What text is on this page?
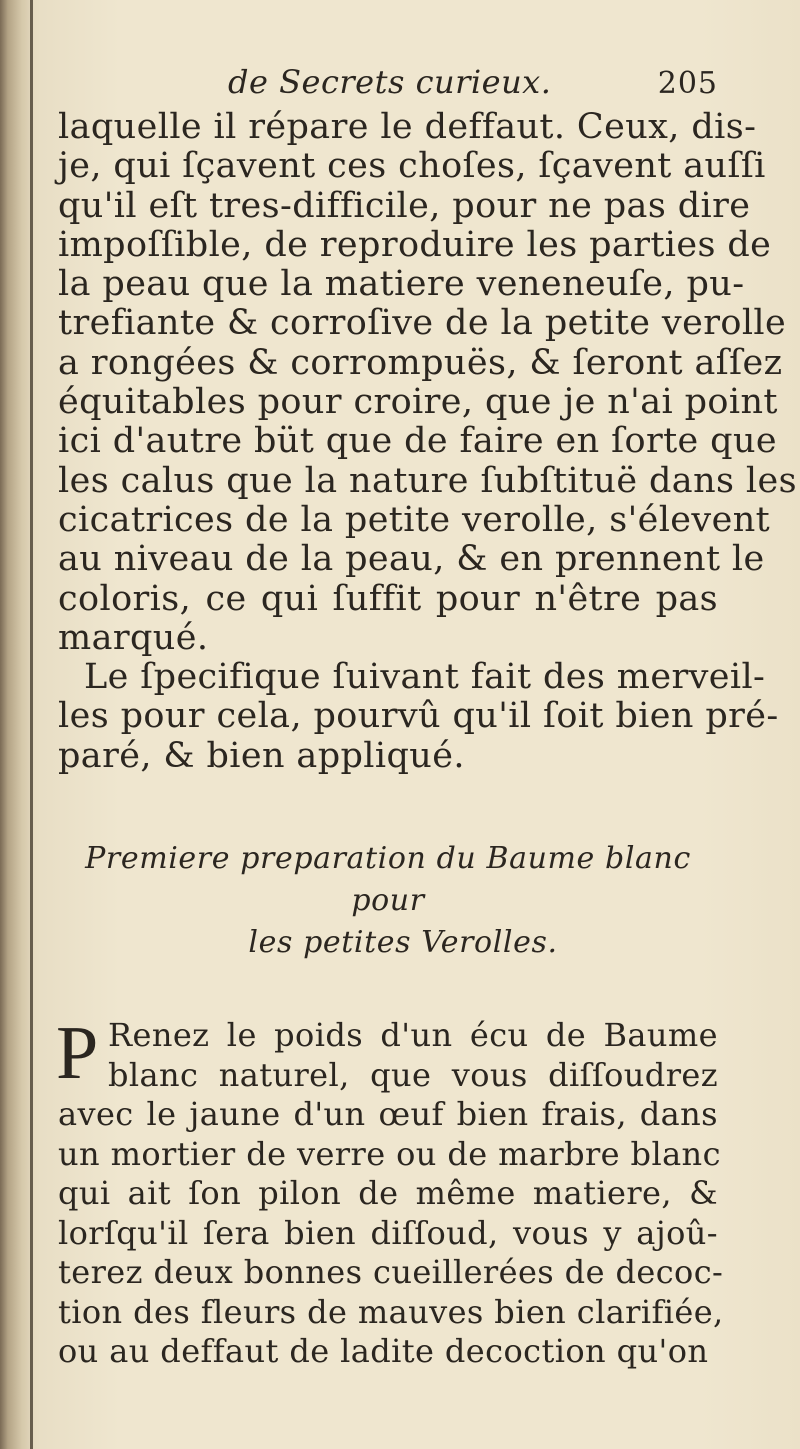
de Secrets curieux.	205
laquelle il répare le deffaut. Ceux, dis-
je, qui ſçavent ces choſes, ſçavent auſſi
qu'il eſt tres-difficile, pour ne pas dire
impoſſible, de reproduire les parties de
la peau que la matiere veneneuſe, pu-
trefiante & corroſive de la petite verolle
a rongées & corrompuës, & ſeront aſſez
équitables pour croire, que je n'ai point
ici d'autre büt que de faire en ſorte que
les calus que la nature ſubſtituë dans les
cicatrices de la petite verolle, s'élevent
au niveau de la peau, & en prennent le
coloris, ce qui ſuffit pour n'être pas
marqué.
Le ſpecifique ſuivant fait des merveil-
les pour cela, pourvû qu'il ſoit bien pré-
paré, & bien appliqué.
Premiere preparation du Baume blanc pour
les petites Verolles.
P Renez le poids d'un écu de Baume
blanc naturel, que vous diſſoudrez
avec le jaune d'un œuf bien frais, dans
un mortier de verre ou de marbre blanc
qui ait ſon pilon de même matiere, &
lorſqu'il ſera bien diſſoud, vous y ajoû-
terez deux bonnes cueillerées de decoc-
tion des fleurs de mauves bien clarifiée,
ou au deffaut de ladite decoction qu'on
